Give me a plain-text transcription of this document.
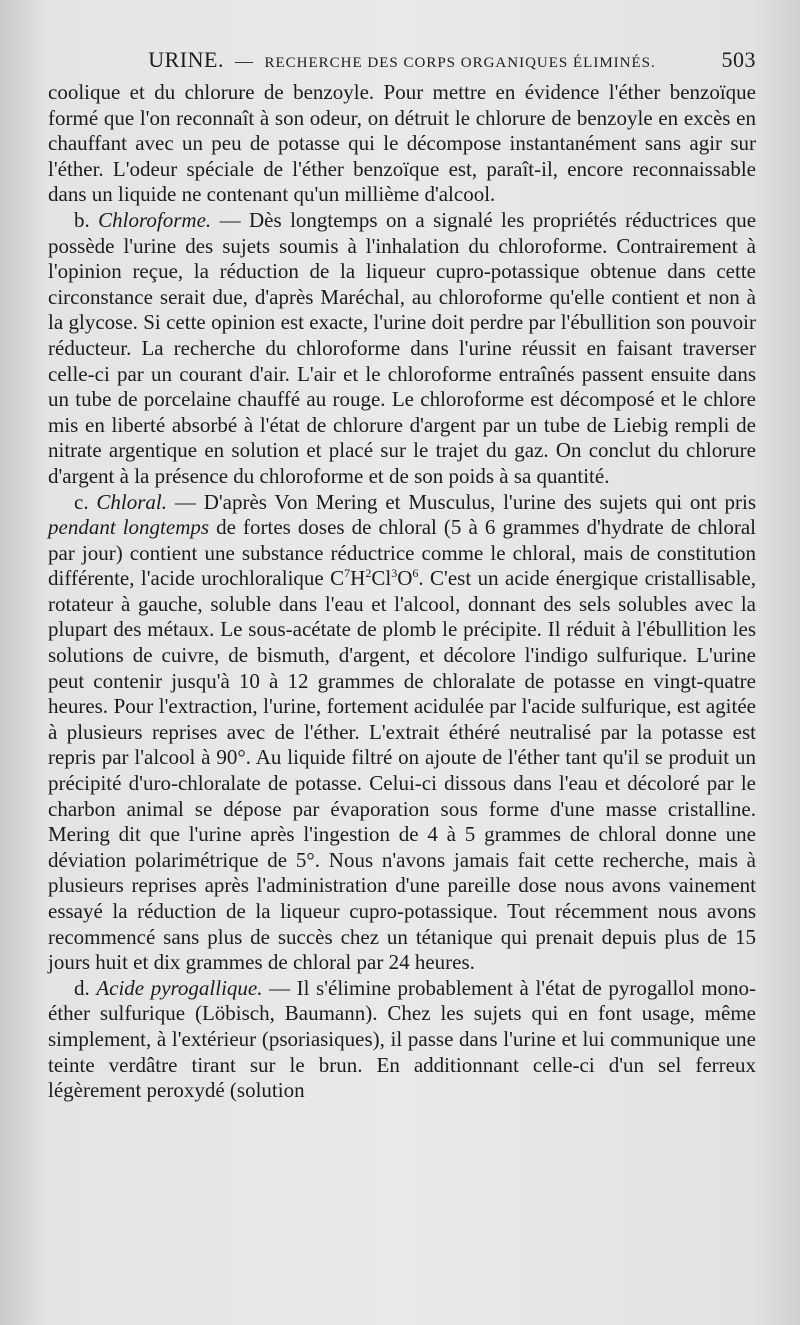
URINE. — RECHERCHE DES CORPS ORGANIQUES ÉLIMINÉS.	503

coolique et du chlorure de benzoyle. Pour mettre en évidence l'éther benzoïque formé que l'on reconnaît à son odeur, on détruit le chlorure de benzoyle en excès en chauffant avec un peu de potasse qui le décompose instantanément sans agir sur l'éther. L'odeur spéciale de l'éther benzoïque est, paraît-il, encore reconnaissable dans un liquide ne contenant qu'un millième d'alcool.

b. Chloroforme. — Dès longtemps on a signalé les propriétés réductrices que possède l'urine des sujets soumis à l'inhalation du chloroforme. Contrairement à l'opinion reçue, la réduction de la liqueur cupro-potassique obtenue dans cette circonstance serait due, d'après Maréchal, au chloroforme qu'elle contient et non à la glycose. Si cette opinion est exacte, l'urine doit perdre par l'ébullition son pouvoir réducteur. La recherche du chloroforme dans l'urine réussit en faisant traverser celle-ci par un courant d'air. L'air et le chloroforme entraînés passent ensuite dans un tube de porcelaine chauffé au rouge. Le chloroforme est décomposé et le chlore mis en liberté absorbé à l'état de chlorure d'argent par un tube de Liebig rempli de nitrate argentique en solution et placé sur le trajet du gaz. On conclut du chlorure d'argent à la présence du chloroforme et de son poids à sa quantité.

c. Chloral. — D'après Von Mering et Musculus, l'urine des sujets qui ont pris pendant longtemps de fortes doses de chloral (5 à 6 grammes d'hydrate de chloral par jour) contient une substance réductrice comme le chloral, mais de constitution différente, l'acide urochloralique $C^7H^2Cl^3O^6$. C'est un acide énergique cristallisable, rotateur à gauche, soluble dans l'eau et l'alcool, donnant des sels solubles avec la plupart des métaux. Le sous-acétate de plomb le précipite. Il réduit à l'ébullition les solutions de cuivre, de bismuth, d'argent, et décolore l'indigo sulfurique. L'urine peut contenir jusqu'à 10 à 12 grammes de chloralate de potasse en vingt-quatre heures. Pour l'extraction, l'urine, fortement acidulée par l'acide sulfurique, est agitée à plusieurs reprises avec de l'éther. L'extrait éthéré neutralisé par la potasse est repris par l'alcool à 90°. Au liquide filtré on ajoute de l'éther tant qu'il se produit un précipité d'uro-chloralate de potasse. Celui-ci dissous dans l'eau et décoloré par le charbon animal se dépose par évaporation sous forme d'une masse cristalline. Mering dit que l'urine après l'ingestion de 4 à 5 grammes de chloral donne une déviation polarimétrique de 5°. Nous n'avons jamais fait cette recherche, mais à plusieurs reprises après l'administration d'une pareille dose nous avons vainement essayé la réduction de la liqueur cupro-potassique. Tout récemment nous avons recommencé sans plus de succès chez un tétanique qui prenait depuis plus de 15 jours huit et dix grammes de chloral par 24 heures.

d. Acide pyrogallique. — Il s'élimine probablement à l'état de pyrogallol mono-éther sulfurique (Löbisch, Baumann). Chez les sujets qui en font usage, même simplement, à l'extérieur (psoriasiques), il passe dans l'urine et lui communique une teinte verdâtre tirant sur le brun. En additionnant celle-ci d'un sel ferreux légèrement peroxydé (solution
